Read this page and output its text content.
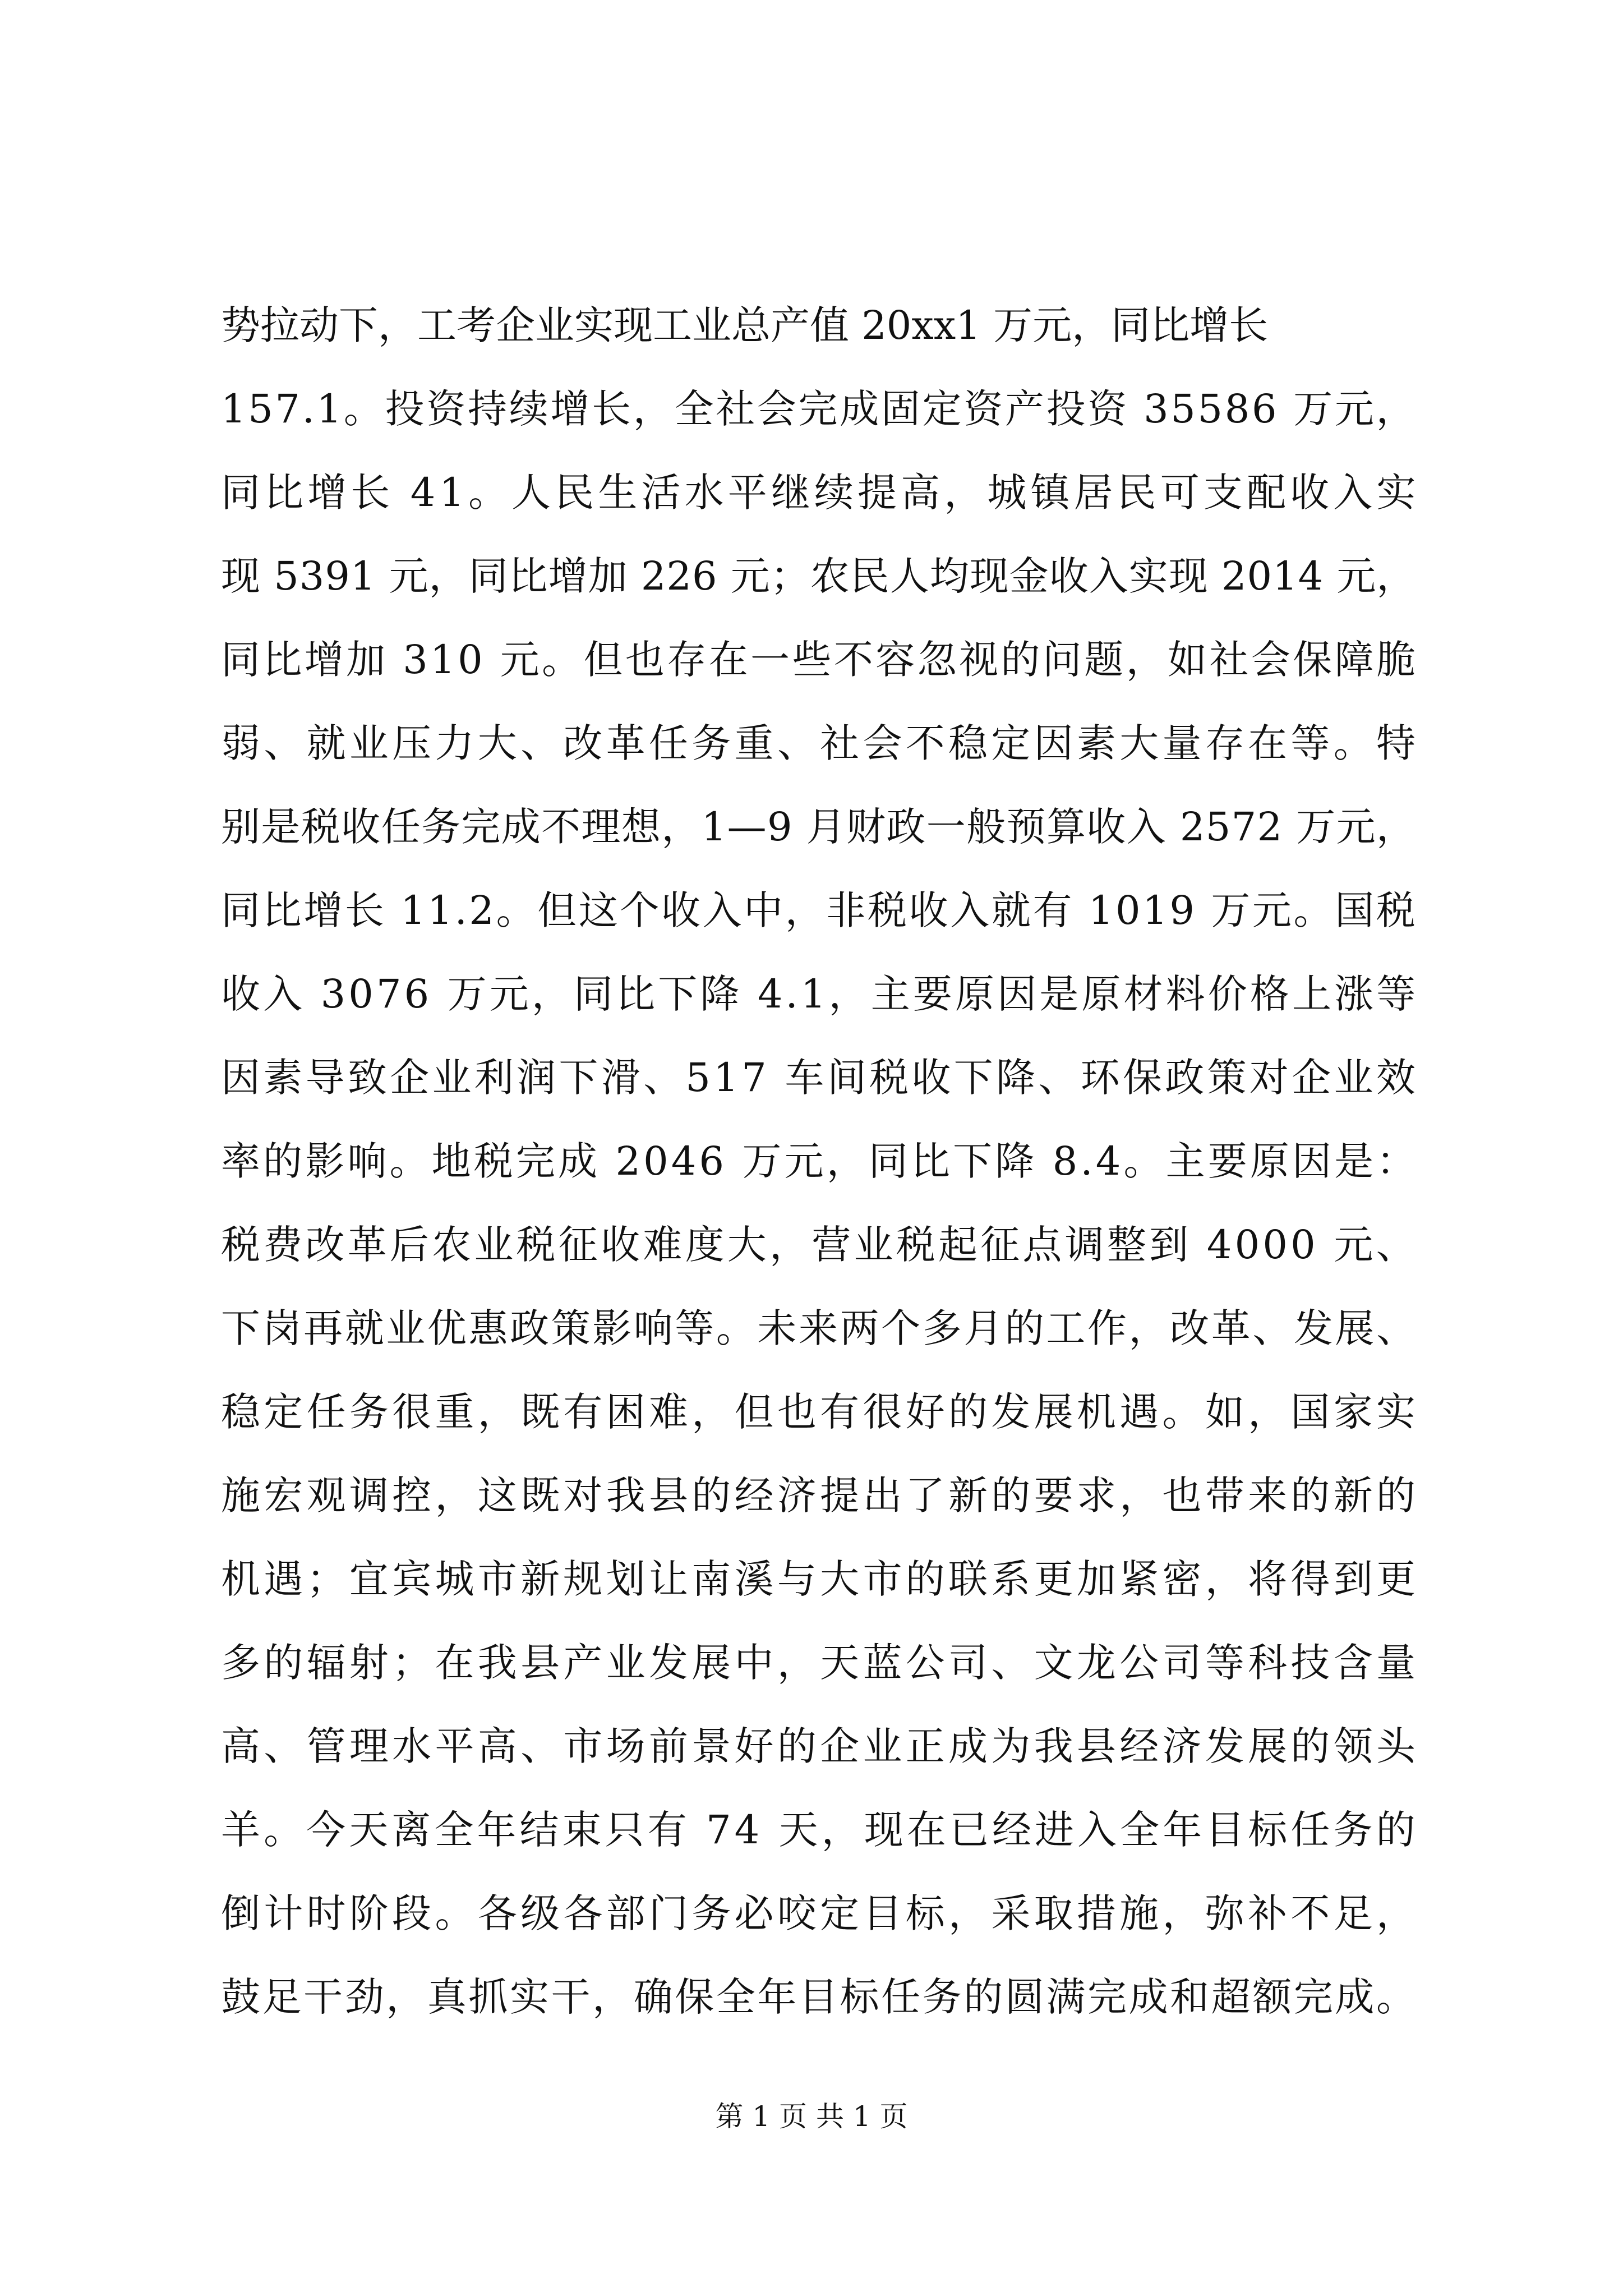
势拉动下，工考企业实现工业总产值 20xx1 万元，同比增长
157.1。投资持续增长，全社会完成固定资产投资 35586 万元，
同比增长 41。人民生活水平继续提高，城镇居民可支配收入实
现 5391 元，同比增加 226 元；农民人均现金收入实现 2014 元，
同比增加 310 元。但也存在一些不容忽视的问题，如社会保障脆
弱、就业压力大、改革任务重、社会不稳定因素大量存在等。特
别是税收任务完成不理想，1—9 月财政一般预算收入 2572 万元，
同比增长 11.2。但这个收入中，非税收入就有 1019 万元。国税
收入 3076 万元，同比下降 4.1，主要原因是原材料价格上涨等
因素导致企业利润下滑、517 车间税收下降、环保政策对企业效
率的影响。地税完成 2046 万元，同比下降 8.4。主要原因是：
税费改革后农业税征收难度大，营业税起征点调整到 4000 元、
下岗再就业优惠政策影响等。未来两个多月的工作，改革、发展、
稳定任务很重，既有困难，但也有很好的发展机遇。如，国家实
施宏观调控，这既对我县的经济提出了新的要求，也带来的新的
机遇；宜宾城市新规划让南溪与大市的联系更加紧密，将得到更
多的辐射；在我县产业发展中，天蓝公司、文龙公司等科技含量
高、管理水平高、市场前景好的企业正成为我县经济发展的领头
羊。今天离全年结束只有 74 天，现在已经进入全年目标任务的
倒计时阶段。各级各部门务必咬定目标，采取措施，弥补不足，
鼓足干劲，真抓实干，确保全年目标任务的圆满完成和超额完成。
第 1 页 共 1 页
